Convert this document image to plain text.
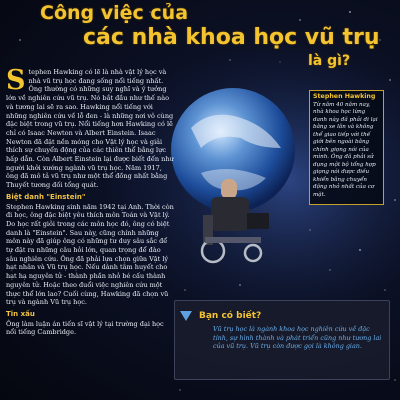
Công việc của
các nhà khoa học vũ trụ
là gì?

S tephen Hawking có lẽ là nhà vật lý học và nhà vũ trụ học đang sống nổi tiếng nhất. Ông thường có những suy nghĩ và ý tưởng lớn về nghiên cứu vũ trụ. Nó bắt đầu như thế nào và tương lai sẽ ra sao. Hawking nổi tiếng với những nghiên cứu về lỗ đen - là những nơi vô cùng đặc biệt trong vũ trụ. Nổi tiếng hơn Hawking có lẽ chỉ có Isaac Newton và Albert Einstein. Isaac Newton đã đặt nền móng cho Vật lý học và giải thích sự chuyển động của các thiên thể bằng lực hấp dẫn. Còn Albert Einstein lại được biết đến như người khởi xướng ngành vũ trụ học. Năm 1917, ông đã mô tả vũ trụ như một thể đồng nhất bằng Thuyết tương đối tổng quát.

Biệt danh "Einstein"

Stephen Hawking sinh năm 1942 tại Anh. Thời còn đi học, ông đặc biệt yêu thích môn Toán và Vật lý. Do học rất giỏi trong các môn học đó, ông có biệt danh là "Einstein". Sau này, cũng chính những môn này đã giúp ông có những tư duy sâu sắc để tự đặt ra những câu hỏi lớn, quan trọng để đào sâu nghiên cứu. Ông đã phải lựa chọn giữa Vật lý hạt nhân và Vũ trụ học. Nếu dành tâm huyết cho hạt hạ nguyên tử - thành phần nhỏ bé cấu thành nguyên tử. Hoặc theo đuổi việc nghiên cứu một thực thể lớn lao? Cuối cùng, Hawking đã chọn vũ trụ và ngành Vũ trụ học.

Tin xấu

Ông làm luận án tiến sĩ vật lý tại trường đại học nổi tiếng Cambridge.

Stephen Hawking
Từ năm 40 năm nay, nhà khoa học lừng danh này đã phải đi lại bằng xe lăn và không thể giao tiếp với thế giới bên ngoài bằng chính giọng nói của mình. Ông đã phải sử dụng một bộ tổng hợp giọng nói được điều khiển bằng chuyển động nhỏ nhất của cơ mặt.
Bạn có biết?
Vũ trụ học là ngành khoa học nghiên cứu về đặc tính, sự hình thành và phát triển cũng như tương lai của vũ trụ. Vũ trụ còn được gọi là không gian.
